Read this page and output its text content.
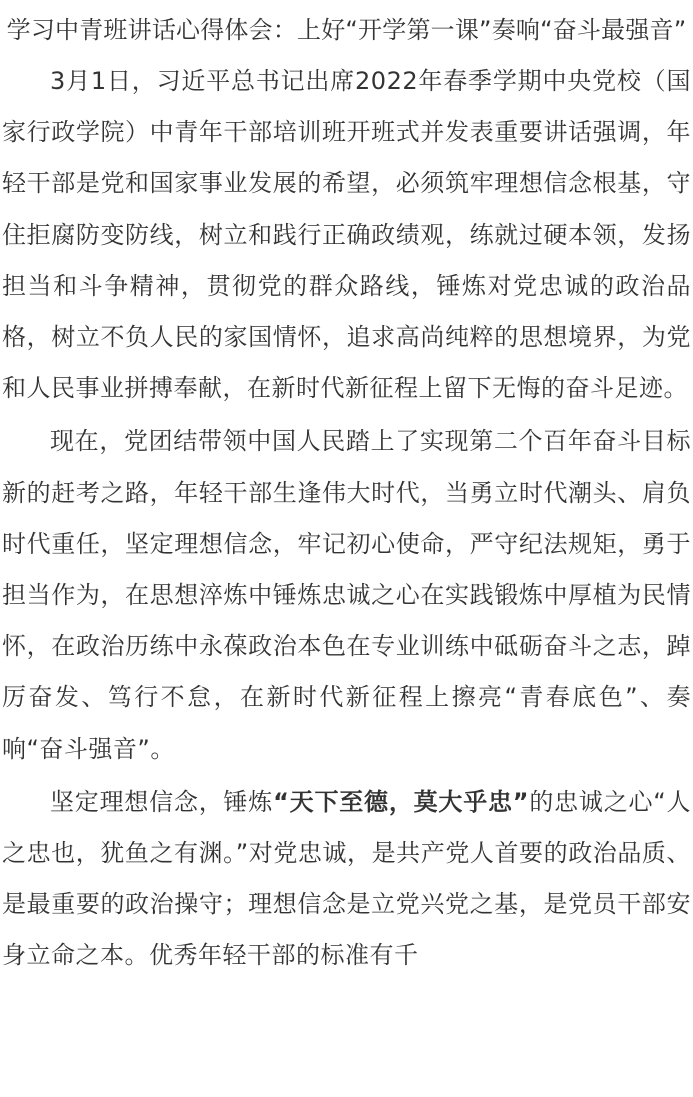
学习中青班讲话心得体会：上好“开学第一课”奏响“奋斗最强音”

3月1日，习近平总书记出席2022年春季学期中央党校（国家行政学院）中青年干部培训班开班式并发表重要讲话强调，年轻干部是党和国家事业发展的希望，必须筑牢理想信念根基，守住拒腐防变防线，树立和践行正确政绩观，练就过硬本领，发扬担当和斗争精神，贯彻党的群众路线，锤炼对党忠诚的政治品格，树立不负人民的家国情怀，追求高尚纯粹的思想境界，为党和人民事业拼搏奉献，在新时代新征程上留下无悔的奋斗足迹。

现在，党团结带领中国人民踏上了实现第二个百年奋斗目标新的赶考之路，年轻干部生逢伟大时代，当勇立时代潮头、肩负时代重任，坚定理想信念，牢记初心使命，严守纪法规矩，勇于担当作为，在思想淬炼中锤炼忠诚之心在实践锻炼中厚植为民情怀，在政治历练中永葆政治本色在专业训练中砥砺奋斗之志，踔厉奋发、笃行不怠，在新时代新征程上擦亮“青春底色”、奏响“奋斗强音”。

坚定理想信念，锤炼“天下至德，莫大乎忠”的忠诚之心“人之忠也，犹鱼之有渊。”对党忠诚，是共产党人首要的政治品质、是最重要的政治操守；理想信念是立党兴党之基，是党员干部安身立命之本。优秀年轻干部的标准有千
